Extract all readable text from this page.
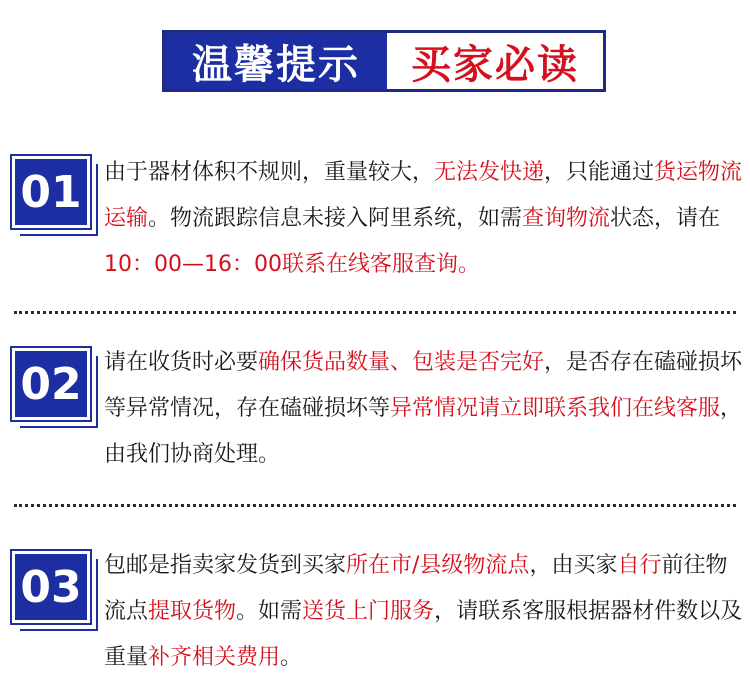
温馨提示	买家必读
01	由于器材体积不规则，重量较大，无法发快递，只能通过货运物流运输。物流跟踪信息未接入阿里系统，如需查询物流状态，请在10：00—16：00联系在线客服查询。
02	请在收货时必要确保货品数量、包装是否完好，是否存在磕碰损坏等异常情况，存在磕碰损坏等异常情况请立即联系我们在线客服，由我们协商处理。
03	包邮是指卖家发货到买家所在市/县级物流点，由买家自行前往物流点提取货物。如需送货上门服务，请联系客服根据器材件数以及重量补齐相关费用。
